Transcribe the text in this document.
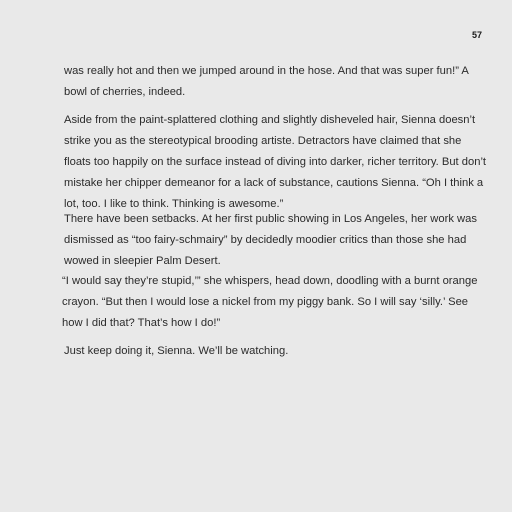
57

was really hot and then we jumped around in the hose. And that was super fun!” A
bowl of cherries, indeed.

Aside from the paint-splattered clothing and slightly disheveled hair, Sienna doesn’t
strike you as the stereotypical brooding artiste. Detractors have claimed that she
floats too happily on the surface instead of diving into darker, richer territory. But don’t
mistake her chipper demeanor for a lack of substance, cautions Sienna. “Oh I think a
lot, too. I like to think. Thinking is awesome.”

There have been setbacks. At her first public showing in Los Angeles, her work was
dismissed as “too fairy-schmairy” by decidedly moodier critics than those she had
wowed in sleepier Palm Desert.

“I would say they’re stupid,’” she whispers, head down, doodling with a burnt orange
crayon. “But then I would lose a nickel from my piggy bank. So I will say ‘silly.’ See
how I did that? That’s how I do!”

Just keep doing it, Sienna. We’ll be watching.
